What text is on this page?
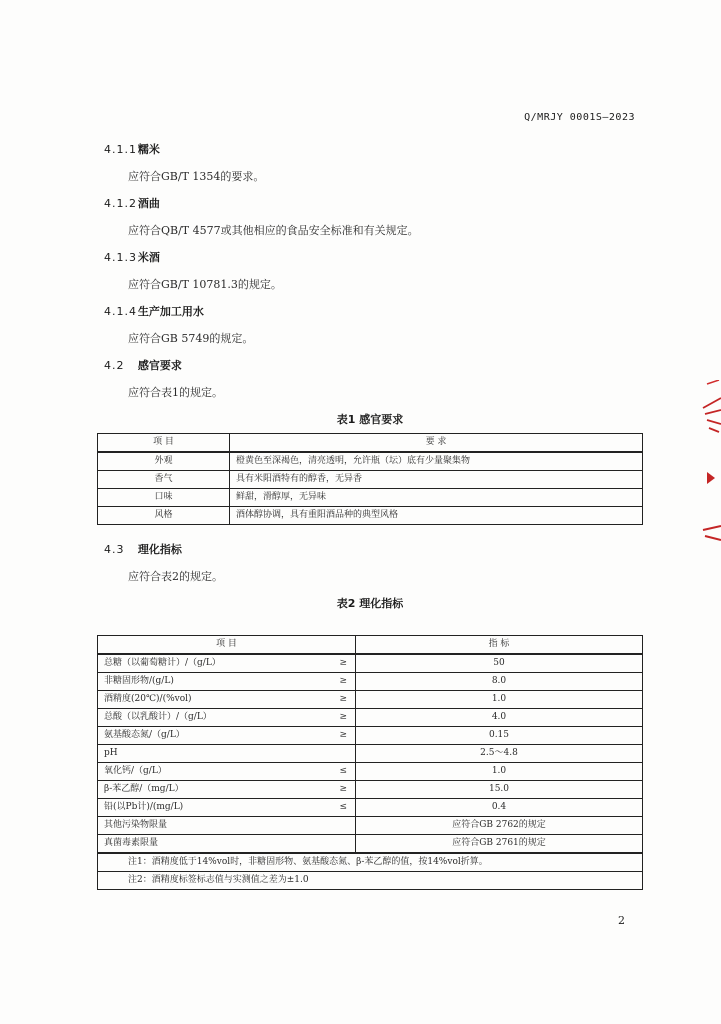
Q/MRJY 0001S—2023
4.1.1 糯米
应符合GB/T 1354的要求。
4.1.2 酒曲
应符合QB/T 4577或其他相应的食品安全标准和有关规定。
4.1.3 米酒
应符合GB/T 10781.3的规定。
4.1.4 生产加工用水
应符合GB 5749的规定。
4.2 感官要求
应符合表1的规定。
表1 感官要求
项 目	要 求
外观	橙黄色至深褐色，清亮透明，允许瓶（坛）底有少量聚集物
香气	具有米阳酒特有的醇香，无异香
口味	鲜甜，滑醇厚，无异味
风格	酒体醇协调，具有重阳酒品种的典型风格
4.3 理化指标
应符合表2的规定。
表2 理化指标
项 目	指 标
总糖（以葡萄糖计）/（g/L） ≥	50
非糖固形物/(g/L) ≥	8.0
酒精度(20℃)/(%vol) ≥	1.0
总酸（以乳酸计）/（g/L） ≥	4.0
氨基酸态氮/（g/L） ≥	0.15
pH	2.5～4.8
氧化钙/（g/L） ≤	1.0
β-苯乙醇/（mg/L） ≥	15.0
铅(以Pb计)/(mg/L) ≤	0.4
其他污染物限量	应符合GB 2762的规定
真菌毒素限量	应符合GB 2761的规定
注1：酒精度低于14%vol时，非糖固形物、氨基酸态氮、β-苯乙醇的值，按14%vol折算。	
注2：酒精度标签标志值与实测值之差为±1.0	
2
